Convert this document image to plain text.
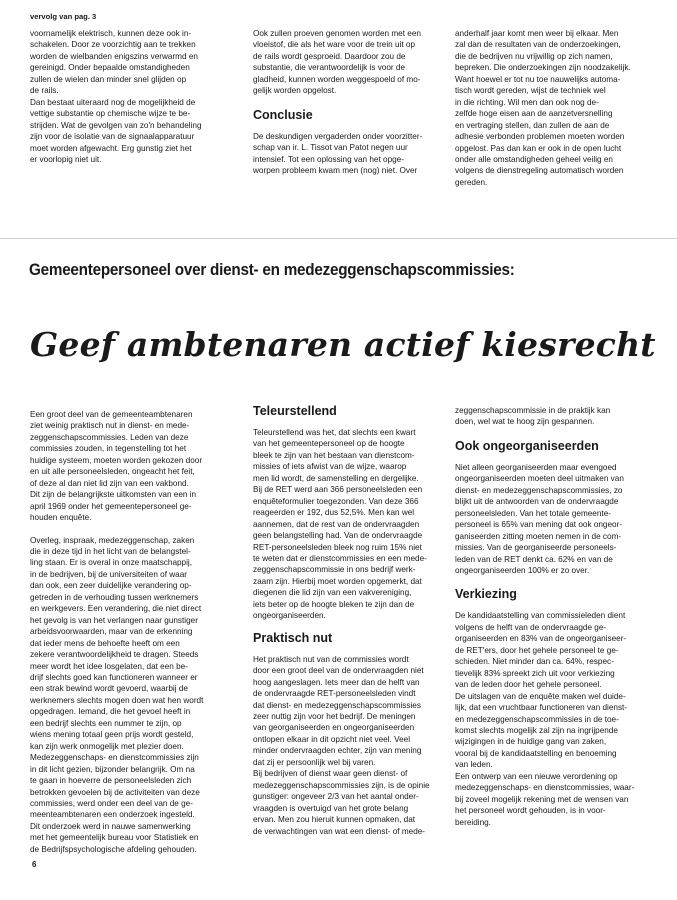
vervolg van pag. 3

voornamelijk elektrisch, kunnen deze ook in-
schakelen. Door ze voorzichtig aan te trekken
worden de wielbanden enigszins verwarmd en
gereinigd. Onder bepaalde omstandigheden
zullen de wielen dan minder snel glijden op
de rails.
Dan bestaat uiteraard nog de mogelijkheid de
vettige substantie op chemische wijze te be-
strijden. Wat de gevolgen van zo'n behandeling
zijn voor de isolatie van de signaalapparatuur
moet worden afgewacht. Erg gunstig ziet het
er voorlopig niet uit.

Ook zullen proeven genomen worden met een
vloeistof, die als het ware voor de trein uit op
de rails wordt gesproeid. Daardoor zou de
substantie, die verantwoordelijk is voor de
gladheid, kunnen worden weggespoeld of mo-
gelijk worden opgelost.

Conclusie

De deskundigen vergaderden onder voorzitter-
schap van ir. L. Tissot van Patot negen uur
intensief. Tot een oplossing van het opge-
worpen probleem kwam men (nog) niet. Over

anderhalf jaar komt men weer bij elkaar. Men
zal dan de resultaten van de onderzoekingen,
die de bedrijven nu vrijwillig op zich namen,
bepreken. Die onderzoekingen zijn noodzakelijk.
Want hoewel er tot nu toe nauwelijks automa-
tisch wordt gereden, wijst de techniek wel
in die richting. Wil men dan ook nog de-
zelfde hoge eisen aan de aanzetversnelling
en vertraging stellen, dan zullen de aan de
adhesie verbonden problemen moeten worden
opgelost. Pas dan kan er ook in de open lucht
onder alle omstandigheden geheel veilig en
volgens de dienstregeling automatisch worden
gereden.

Gemeentepersoneel over dienst- en medezeggenschapscommissies:
Geef ambtenaren actief kiesrecht

Een groot deel van de gemeenteambtenaren
ziet weinig praktisch nut in dienst- en mede-
zeggenschapscommissies. Leden van deze
commissies zouden, in tegenstelling tot het
huidige systeem, moeten worden gekozen door
en uit alle personeelsleden, ongeacht het feit,
of deze al dan niet lid zijn van een vakbond.
Dit zijn de belangrijkste uitkomsten van een in
april 1969 onder het gemeentepersoneel ge-
houden enquête.

Overleg, inspraak, medezeggenschap, zaken
die in deze tijd in het licht van de belangstel-
ling staan. Er is overal in onze maatschappij,
in de bedrijven, bij de universiteiten of waar
dan ook, een zeer duidelijke verandering op-
getreden in de verhouding tussen werknemers
en werkgevers. Een verandering, die niet direct
het gevolg is van het verlangen naar gunstiger
arbeidsvoorwaarden, maar van de erkenning
dat ieder mens de behoefte heeft om een
zekere verantwoordelijkheid te dragen. Steeds
meer wordt het idee losgelaten, dat een be-
drijf slechts goed kan functioneren wanneer er
een strak bewind wordt gevoerd, waarbij de
werknemers slechts mogen doen wat hen wordt
opgedragen. Iemand, die het gevoel heeft in
een bedrijf slechts een nummer te zijn, op
wiens mening totaal geen prijs wordt gesteld,
kan zijn werk onmogelijk met plezier doen.
Medezeggenschaps- en dienstcommissies zijn
in dit licht gezien, bijzonder belangrijk. Om na
te gaan in hoeverre de personeelsleden zich
betrokken gevoelen bij de activiteiten van deze
commissies, werd onder een deel van de ge-
meenteambtenaren een onderzoek ingesteld.
Dit onderzoek werd in nauwe samenwerking
met het gemeentelijk bureau voor Statistiek en
de Bedrijfspsychologische afdeling gehouden.

Teleurstellend

Teleurstellend was het, dat slechts een kwart
van het gemeentepersoneel op de hoogte
bleek te zijn van het bestaan van dienstcom-
missies of iets afwist van de wijze, waarop
men lid wordt, de samenstelling en dergelijke.
Bij de RET werd aan 366 personeelsleden een
enquêteformulier toegezonden. Van deze 366
reageerden er 192, dus 52,5%. Men kan wel
aannemen, dat de rest van de ondervraagden
geen belangstelling had. Van de ondervraagde
RET-personeelsleden bleek nog ruim 15% niet
te weten dat er dienstcommissies en een mede-
zeggenschapscommissie in ons bedrijf werk-
zaam zijn. Hierbij moet worden opgemerkt, dat
diegenen die lid zijn van een vakvereniging,
iets beter op de hoogte bleken te zijn dan de
ongeorganiseerden.

Praktisch nut

Het praktisch nut van de commissies wordt
door een groot deel van de ondervraagden niet
hoog aangeslagen. Iets meer dan de helft van
de ondervraagde RET-personeelsleden vindt
dat dienst- en medezeggenschapscommissies
zeer nuttig zijn voor het bedrijf. De meningen
van georganiseerden en ongeorganiseerden
ontlopen elkaar in dit opzicht niet veel. Veel
minder ondervraagden echter, zijn van mening
dat zij er persoonlijk wel bij varen.
Bij bedrijven of dienst waar geen dienst- of
medezeggenschapscommissies zijn, is de opinie
gunstiger: ongeveer 2/3 van het aantal onder-
vraagden is overtuigd van het grote belang
ervan. Men zou hieruit kunnen opmaken, dat
de verwachtingen van wat een dienst- of mede-

zeggenschapscommissie in de praktijk kan
doen, wel wat te hoog zijn gespannen.

Ook ongeorganiseerden

Niet alleen georganiseerden maar evengoed
ongeorganiseerden moeten deel uitmaken van
dienst- en medezeggenschapscommissies, zo
blijkt uit de antwoorden van de ondervraagde
personeelsleden. Van het totale gemeente-
personeel is 65% van mening dat ook ongeor-
ganiseerden zitting moeten nemen in de com-
missies. Van de georganiseerde personeels-
leden van de RET denkt ca. 62% en van de
ongeorganiseerden 100% er zo over.

Verkiezing

De kandidaatstelling van commissieleden dient
volgens de helft van de ondervraagde ge-
organiseerden en 83% van de ongeorganiseer-
de RET'ers, door het gehele personeel te ge-
schieden. Niet minder dan ca. 64%, respec-
tievelijk 83% spreekt zich uit voor verkiezing
van de leden door het gehele personeel.
De uitslagen van de enquête maken wel duide-
lijk, dat een vruchtbaar functioneren van dienst-
en medezeggenschapscommissies in de toe-
komst slechts mogelijk zal zijn na ingrijpende
wijzigingen in de huidige gang van zaken,
vooral bij de kandidaatstelling en benoeming
van leden.
Een ontwerp van een nieuwe verordening op
medezeggenschaps- en dienstcommissies, waar-
bij zoveel mogelijk rekening met de wensen van
het personeel wordt gehouden, is in voor-
bereiding.

6
